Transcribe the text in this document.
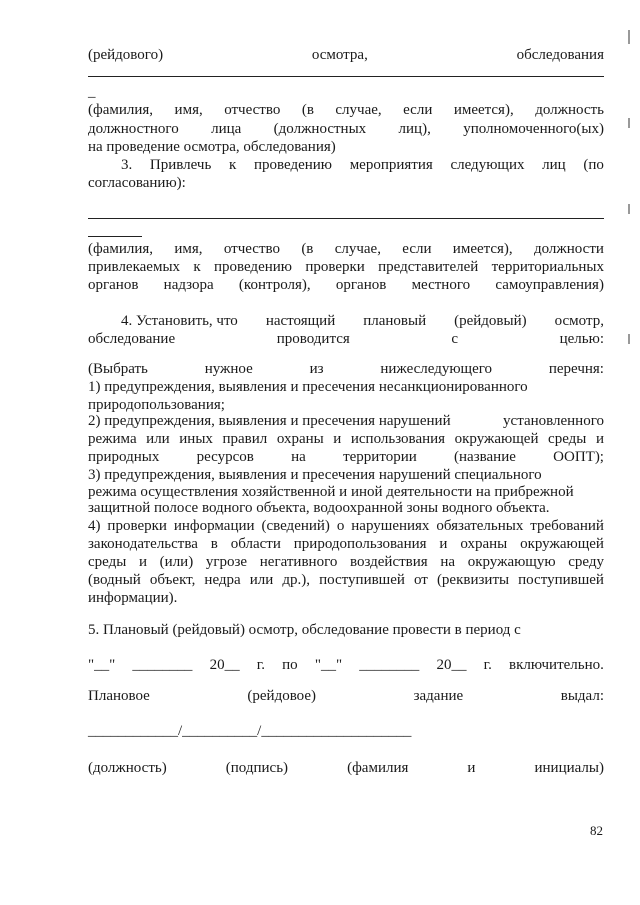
(рейдового)	осмотра,	обследования
–
(фамилия, имя, отчество (в случае, если имеется), должность
должностного лица (должностных лиц), уполномоченного(ых)
на проведение осмотра, обследования)
3. Привлечь к проведению мероприятия следующих лиц (по
согласованию):
(фамилия, имя, отчество (в случае, если имеется), должности
привлекаемых к проведению проверки представителей территориальных
органов надзора (контроля), органов местного самоуправления)
4. Установить, что настоящий плановый (рейдовый) осмотр,
обследование	проводится	с	целью:
(Выбрать	нужное	из	нижеследующего	перечня:
1) предупреждения, выявления и пресечения несанкционированного
природопользования;
2) предупреждения, выявления и пресечения нарушений	установленного
режима или иных правил охраны и использования окружающей среды и
природных ресурсов на территории (название ООПТ);
3) предупреждения, выявления и пресечения нарушений специального
режима осуществления хозяйственной и иной деятельности на прибрежной
защитной полосе водного объекта, водоохранной зоны водного объекта.
4) проверки информации (сведений) о нарушениях обязательных требований
законодательства в области природопользования и охраны окружающей
среды и (или) угрозе негативного воздействия на окружающую среду
(водный объект, недра или др.), поступившей от (реквизиты поступившей
информации).
5. Плановый (рейдовый) осмотр, обследование провести в период с
"__" ________ 20__ г. по "__" ________ 20__ г. включительно.
Плановое	(рейдовое)	задание	выдал:
____________/__________/____________________
(должность)	(подпись)	(фамилия	и	инициалы)
82
